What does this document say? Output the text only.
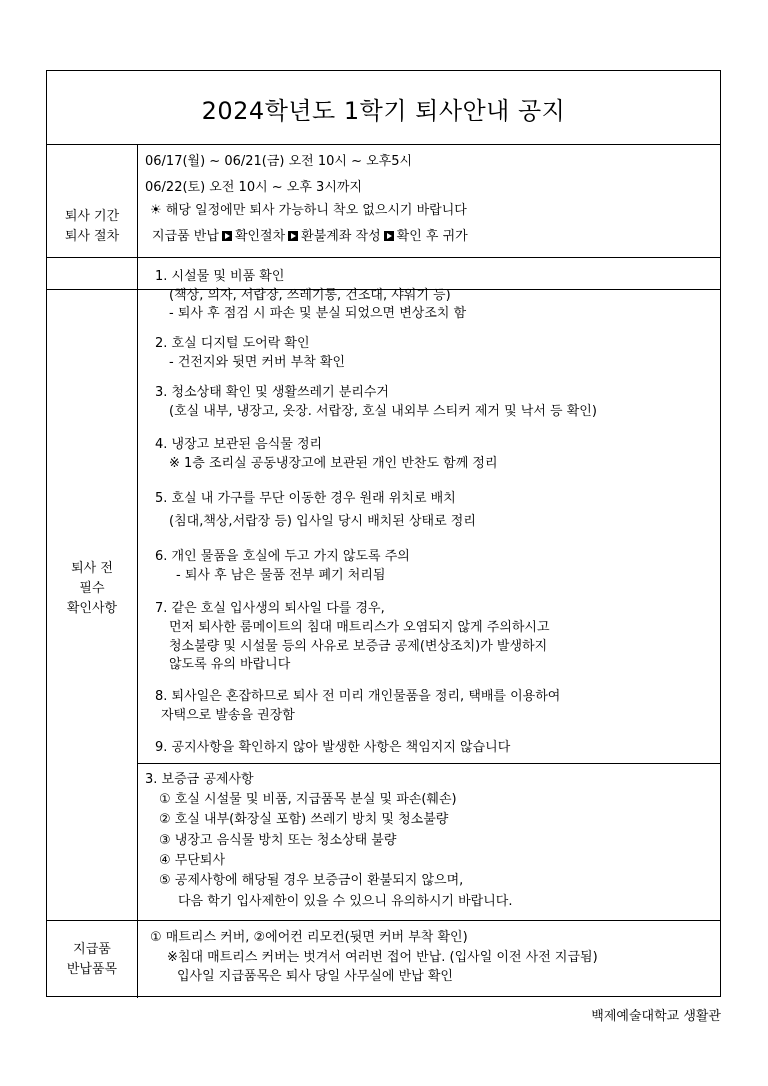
2024학년도 1학기 퇴사안내 공지
퇴사 기간
06/17(월) ~ 06/21(금) 오전 10시 ~ 오후5시
06/22(토) 오전 10시 ~ 오후 3시까지
☀ 해당 일정에만 퇴사 가능하니 착오 없으시기 바랍니다
퇴사 절차	지급품 반납 확인절차 환불계좌 작성 확인 후 귀가
퇴사 전
필수
확인사항
1. 시설물 및 비품 확인
(책상, 의자, 서랍장, 쓰레기통, 건조대, 샤워기 등)
- 퇴사 후 점검 시 파손 및 분실 되었으면 변상조치 함
2. 호실 디지털 도어락 확인
- 건전지와 뒷면 커버 부착 확인
3. 청소상태 확인 및 생활쓰레기 분리수거
(호실 내부, 냉장고, 옷장. 서랍장, 호실 내외부 스티커 제거 및 낙서 등 확인)
4. 냉장고 보관된 음식물 정리
※ 1층 조리실 공동냉장고에 보관된 개인 반찬도 함께 정리
5. 호실 내 가구를 무단 이동한 경우 원래 위치로 배치
(침대,책상,서랍장 등) 입사일 당시 배치된 상태로 정리
6. 개인 물품을 호실에 두고 가지 않도록 주의
- 퇴사 후 남은 물품 전부 폐기 처리됨
7. 같은 호실 입사생의 퇴사일 다를 경우,
먼저 퇴사한 룸메이트의 침대 매트리스가 오염되지 않게 주의하시고
청소불량 및 시설물 등의 사유로 보증금 공제(변상조치)가 발생하지
않도록 유의 바랍니다
8. 퇴사일은 혼잡하므로 퇴사 전 미리 개인물품을 정리, 택배를 이용하여
자택으로 발송을 권장함
9. 공지사항을 확인하지 않아 발생한 사항은 책임지지 않습니다
3. 보증금 공제사항
① 호실 시설물 및 비품, 지급품목 분실 및 파손(훼손)
② 호실 내부(화장실 포함) 쓰레기 방치 및 청소불량
③ 냉장고 음식물 방치 또는 청소상태 불량
④ 무단퇴사
⑤ 공제사항에 해당될 경우 보증금이 환불되지 않으며,
다음 학기 입사제한이 있을 수 있으니 유의하시기 바랍니다.
지급품
반납품목
① 매트리스 커버, ②에어컨 리모컨(뒷면 커버 부착 확인)
※침대 매트리스 커버는 벗겨서 여러번 접어 반납. (입사일 이전 사전 지급됨)
입사일 지급품목은 퇴사 당일 사무실에 반납 확인
백제예술대학교 생활관
